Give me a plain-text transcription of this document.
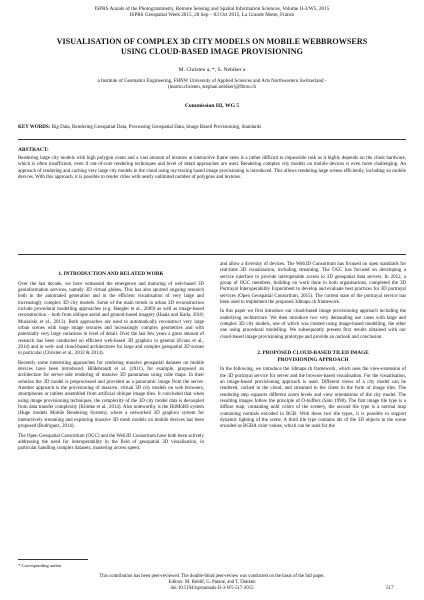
ISPRS Annals of the Photogrammetry, Remote Sensing and Spatial Information Sciences, Volume II-3/W5, 2015
ISPRS Geospatial Week 2015, 28 Sep – 03 Oct 2015, La Grande Motte, France
VISUALISATION OF COMPLEX 3D CITY MODELS ON MOBILE WEBBROWSERS
USING CLOUD-BASED IMAGE PROVISIONING
M. Christen a, *, S. Nebiker a
a Institute of Geomatics Engineering, FHNW University of Applied Sciences and Arts Northwestern Switzerland -
(martin.christen, stephan.nebiker)@fhnw.ch
Commission III, WG 5
KEY WORDS: Big Data, Rendering Geospatial Data, Processing Geospatial Data, Image Based Provisioning, Standards
ABSTRACT:
Rendering large city models with high polygon count and a vast amount of textures at interactive frame rates is a rather difficult to impossible task as it highly depends on the client hardware, which is often insufficient, even if out-of-core rendering techniques and level of detail approaches are used. Rendering complex city models on mobile devices is even more challenging. An approach of rendering and caching very large city models in the cloud using ray-tracing based image provisioning is introduced. This allows rendering large scenes efficiently, including on mobile devices. With this approach, it is possible to render cities with nearly unlimited number of polygons and textures.
1. INTRODUCTION AND RELATED WORK

Over the last decade, we have witnessed the emergence and maturing of web-based 3D geoinformation services, namely 3D virtual globes. This has also spurred ongoing research both in the automated generation and in the efficient visualisation of very large and increasingly complex 3D city models. Some of the main trends in urban 3D reconstruction include procedural modelling approaches (e.g. Haegler et al., 2009) as well as image-based reconstruction – both from oblique aerial and ground-based imagery (Haala and Kada, 2010; Musialski et al., 2013). Both approaches are used to automatically reconstruct very large urban scenes with huge image textures and increasingly complex geometries and with potentially very large variations in level of detail. Over the last few years a great amount of research has been conducted on efficient web-based 3D graphics in general (Evans et al., 2014) and in web- and cloud-based architectures for large and complex geospatial 3D scenes in particular (Christen et al., 2012 & 2014).

Recently some interesting approaches for rendering massive geospatial datasets on mobile devices have been introduced. Hildebrandt et al. (2011), for example, proposed an architecture for server-side rendering of massive 3D panoramas using cube maps. In their solution the 3D model is preprocessed and provided as a panoramic image from the server. Another approach is the provisioning of massive, virtual 3D city models on web browsers, smartphones or tablets assembled from artificial oblique image tiles. It concluded that when using image provisioning techniques, the complexity of the 3D city model data is decoupled from data transfer complexity (Klimke et al., 2014). Also noteworthy is the HitMoRS system (Huge models Mobile Rendering System), where a networked 3D graphics system for interactively streaming and exploring massive 3D mesh models on mobile devices has been proposed (Rodriguez, 2014).

The Open Geospatial Consortium (OGC) and the Web3D Consortium have both been actively addressing the need for interoperability in the field of geospatial 3D visualisation, in particular handling complex datasets, mastering access speed,

and allow a diversity of devices. The Web3D Consortium has focused on open standards for real-time 3D visualization, including streaming. The OGC has focused on developing a service interface to provide interoperable access to 3D geospatial data servers. In 2012, a group of OGC members, building on work done in both organisations, completed the 3D Portrayal Interoperability Experiment to develop and evaluate best practices for 3D portrayal services (Open Geospatial Consortium, 2015). The current state of the portrayal service has been used to implement the proposed 3dmaps.ch framework.

In this paper we first introduce our cloud-based image provisioning approach including the underlying architecture. We then introduce two very demanding use cases with large and complex 3D city models, one of which was created using image-based modelling, the other one using procedural modelling. We subsequently present first results obtained with our cloud-based image provisioning prototype and provide an outlook and conclusion.

2. PROPOSED CLOUD-BASED TILED IMAGE
PROVISIONING APPROACH

In the following, we introduce the 3dmaps.ch framework, which uses the view-extension of the 3D portrayal service for server and the browser-based visualisation. For the visualisation, an image-based provisioning approach is used. Different views of a city model can be rendered, cached in the cloud, and streamed to the client in the form of image tiles. The rendering step supports different zoom levels and view orientations of the city model. The resulting images follow the principle of O-buffers (Sato 1990). The first image tile type is a diffuse map, containing unlit colors of the scenery, the second tile type is a normal map containing normals encoded in RGB. With these two tile types, it is possible to support dynamic lighting of the scene. A third tile type contains ids of the 3D objects in the scene encoded as RGBA color values, which can be used for the

* Corresponding author
This contribution has been peer-reviewed. The double-blind peer-review was conducted on the basis of the full paper.
Editors: M. Brédif, G. Patané, and T. Dokken
doi:10.5194/isprsannals-II-3-W5-517-2015	517
